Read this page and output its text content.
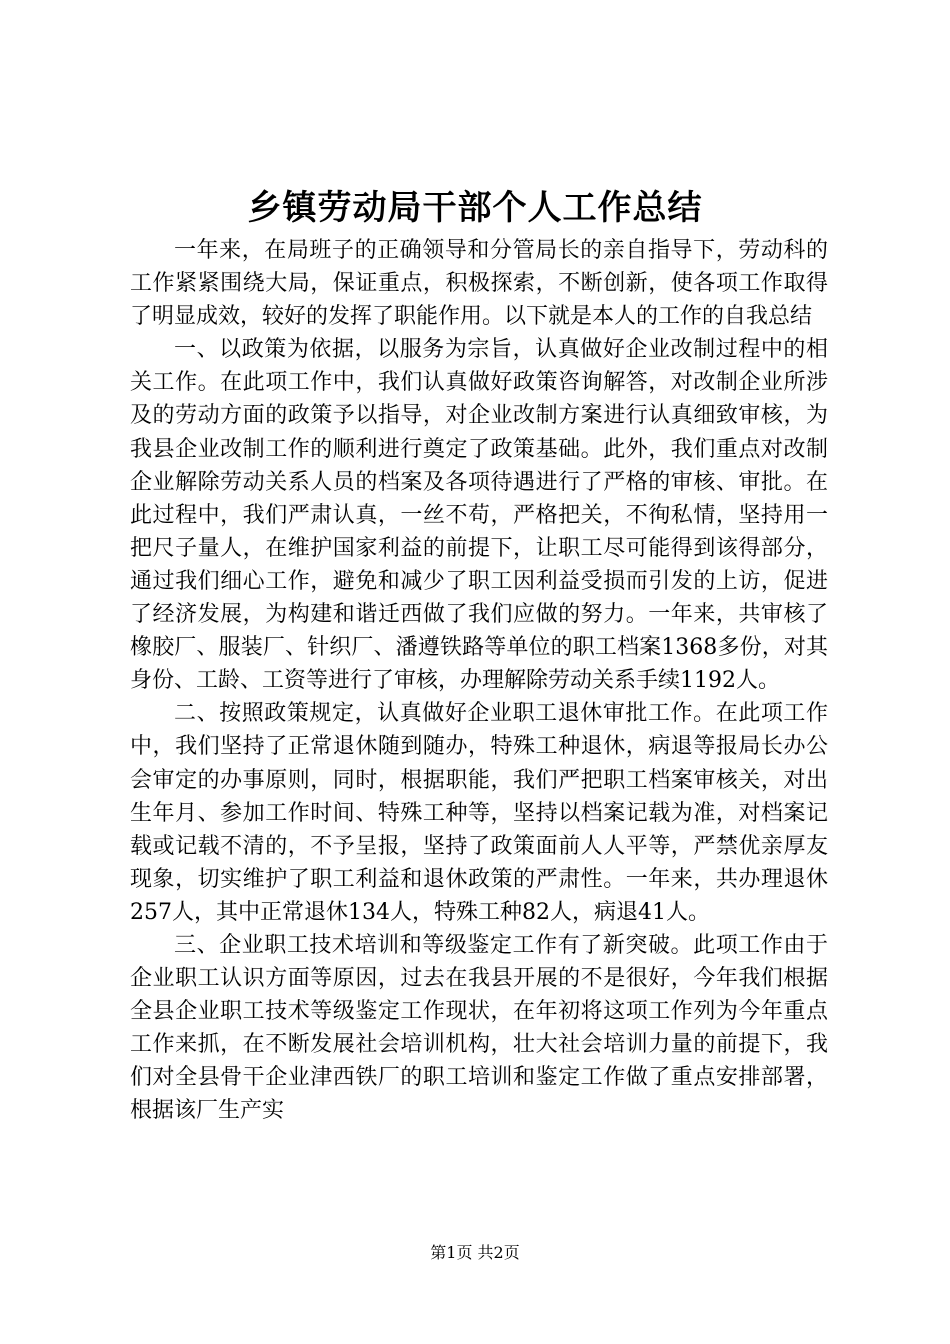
乡镇劳动局干部个人工作总结

一年来，在局班子的正确领导和分管局长的亲自指导下，劳动科的工作紧紧围绕大局，保证重点，积极探索，不断创新，使各项工作取得了明显成效，较好的发挥了职能作用。以下就是本人的工作的自我总结

一、以政策为依据，以服务为宗旨，认真做好企业改制过程中的相关工作。在此项工作中，我们认真做好政策咨询解答，对改制企业所涉及的劳动方面的政策予以指导，对企业改制方案进行认真细致审核，为我县企业改制工作的顺利进行奠定了政策基础。此外，我们重点对改制企业解除劳动关系人员的档案及各项待遇进行了严格的审核、审批。在此过程中，我们严肃认真，一丝不苟，严格把关，不徇私情，坚持用一把尺子量人，在维护国家利益的前提下，让职工尽可能得到该得部分，通过我们细心工作，避免和减少了职工因利益受损而引发的上访，促进了经济发展，为构建和谐迁西做了我们应做的努力。一年来，共审核了橡胶厂、服装厂、针织厂、潘遵铁路等单位的职工档案1368多份，对其身份、工龄、工资等进行了审核，办理解除劳动关系手续1192人。

二、按照政策规定，认真做好企业职工退休审批工作。在此项工作中，我们坚持了正常退休随到随办，特殊工种退休，病退等报局长办公会审定的办事原则，同时，根据职能，我们严把职工档案审核关，对出生年月、参加工作时间、特殊工种等，坚持以档案记载为准，对档案记载或记载不清的，不予呈报，坚持了政策面前人人平等，严禁优亲厚友现象，切实维护了职工利益和退休政策的严肃性。一年来，共办理退休257人，其中正常退休134人，特殊工种82人，病退41人。

三、企业职工技术培训和等级鉴定工作有了新突破。此项工作由于企业职工认识方面等原因，过去在我县开展的不是很好，今年我们根据全县企业职工技术等级鉴定工作现状，在年初将这项工作列为今年重点工作来抓，在不断发展社会培训机构，壮大社会培训力量的前提下，我们对全县骨干企业津西铁厂的职工培训和鉴定工作做了重点安排部署，根据该厂生产实

第1页 共2页
